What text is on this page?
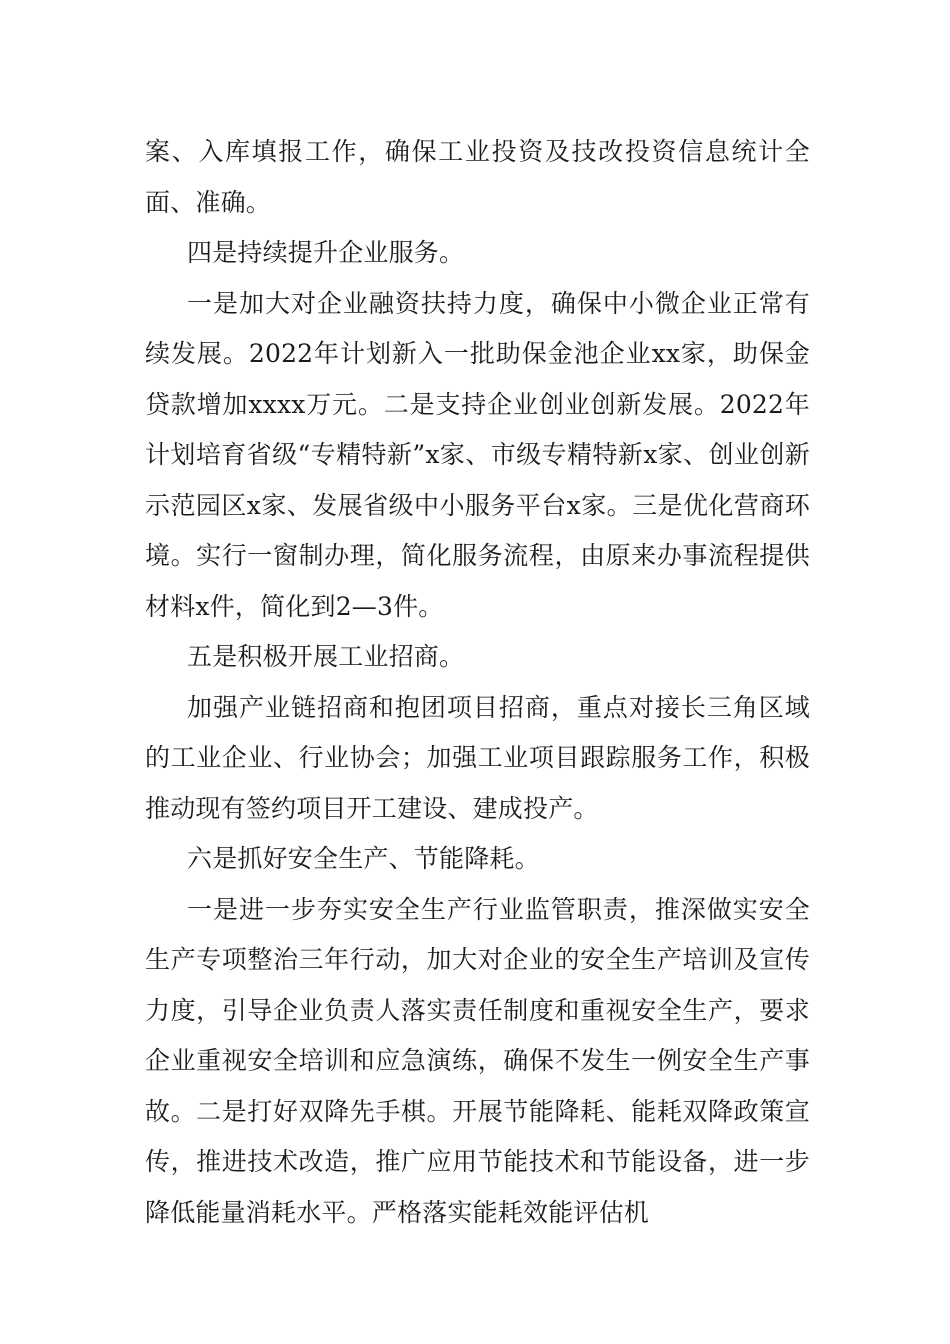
案、入库填报工作，确保工业投资及技改投资信息统计全面、准确。

四是持续提升企业服务。

一是加大对企业融资扶持力度，确保中小微企业正常有续发展。2022年计划新入一批助保金池企业xx家，助保金贷款增加xxxx万元。二是支持企业创业创新发展。2022年计划培育省级“专精特新”x家、市级专精特新x家、创业创新示范园区x家、发展省级中小服务平台x家。三是优化营商环境。实行一窗制办理，简化服务流程，由原来办事流程提供材料x件，简化到2—3件。

五是积极开展工业招商。

加强产业链招商和抱团项目招商，重点对接长三角区域的工业企业、行业协会；加强工业项目跟踪服务工作，积极推动现有签约项目开工建设、建成投产。

六是抓好安全生产、节能降耗。

一是进一步夯实安全生产行业监管职责，推深做实安全生产专项整治三年行动，加大对企业的安全生产培训及宣传力度，引导企业负责人落实责任制度和重视安全生产，要求企业重视安全培训和应急演练，确保不发生一例安全生产事故。二是打好双降先手棋。开展节能降耗、能耗双降政策宣传，推进技术改造，推广应用节能技术和节能设备，进一步降低能量消耗水平。严格落实能耗效能评估机
